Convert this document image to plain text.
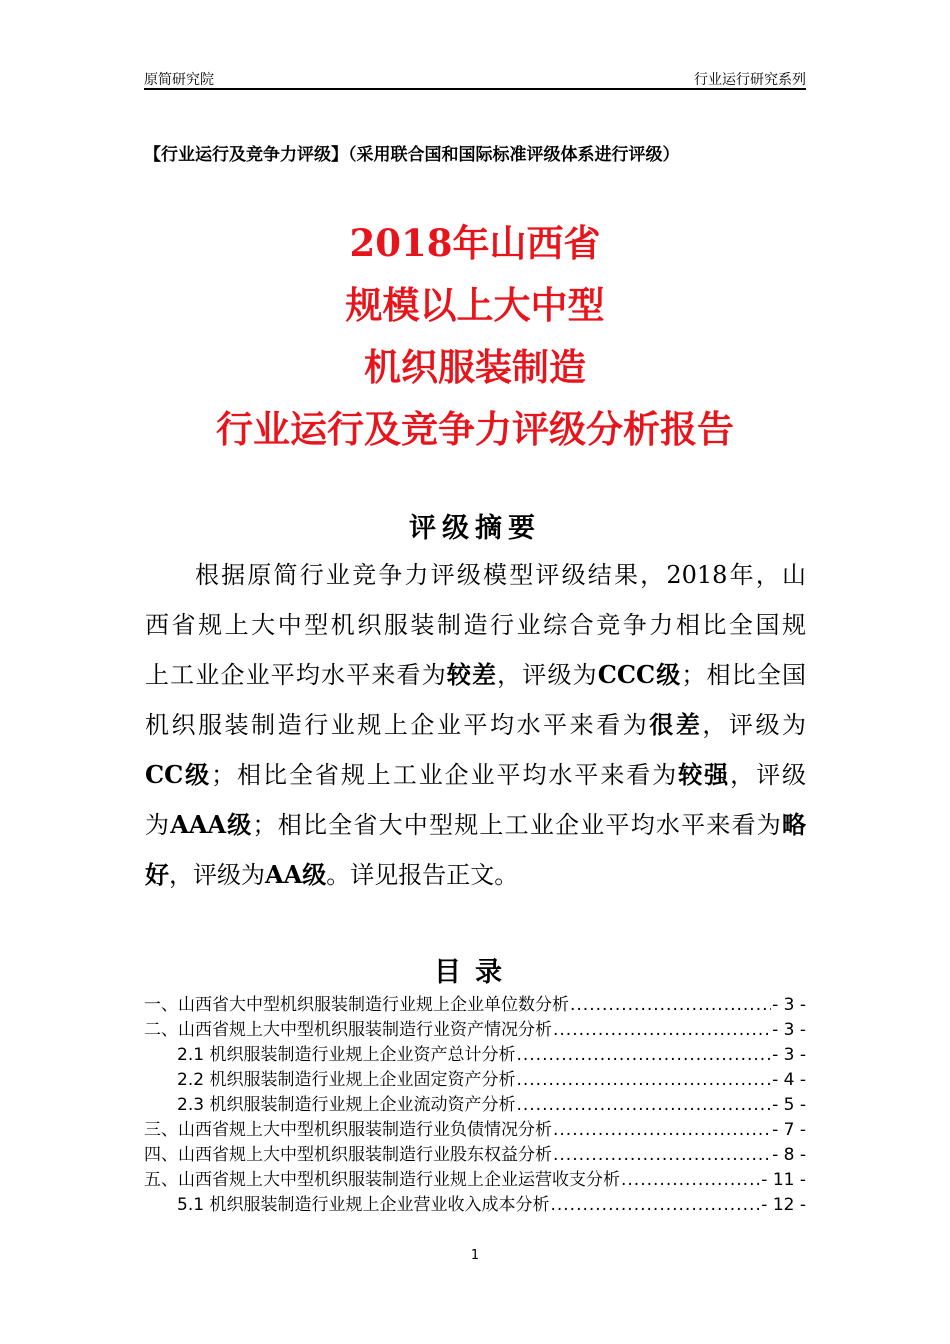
原简研究院	行业运行研究系列
【行业运行及竞争力评级】（采用联合国和国际标准评级体系进行评级）
2018年山西省
规模以上大中型
机织服装制造
行业运行及竞争力评级分析报告
评级摘要
根据原简行业竞争力评级模型评级结果，2018年，山
西省规上大中型机织服装制造行业综合竞争力相比全国规
上工业企业平均水平来看为较差，评级为CCC级；相比全国
机织服装制造行业规上企业平均水平来看为很差，评级为
CC级；相比全省规上工业企业平均水平来看为较强，评级
为AAA级；相比全省大中型规上工业企业平均水平来看为略
好，评级为AA级。详见报告正文。
目录
一、山西省大中型机织服装制造行业规上企业单位数分析 .....	- 3 -
二、山西省规上大中型机织服装制造行业资产情况分析 .....	- 3 -
2.1 机织服装制造行业规上企业资产总计分析 .....	- 3 -
2.2 机织服装制造行业规上企业固定资产分析 .....	- 4 -
2.3 机织服装制造行业规上企业流动资产分析 .....	- 5 -
三、山西省规上大中型机织服装制造行业负债情况分析 .....	- 7 -
四、山西省规上大中型机织服装制造行业股东权益分析 .....	- 8 -
五、山西省规上大中型机织服装制造行业规上企业运营收支分析 .....	- 11 -
5.1 机织服装制造行业规上企业营业收入成本分析 .....	- 12 -
1
